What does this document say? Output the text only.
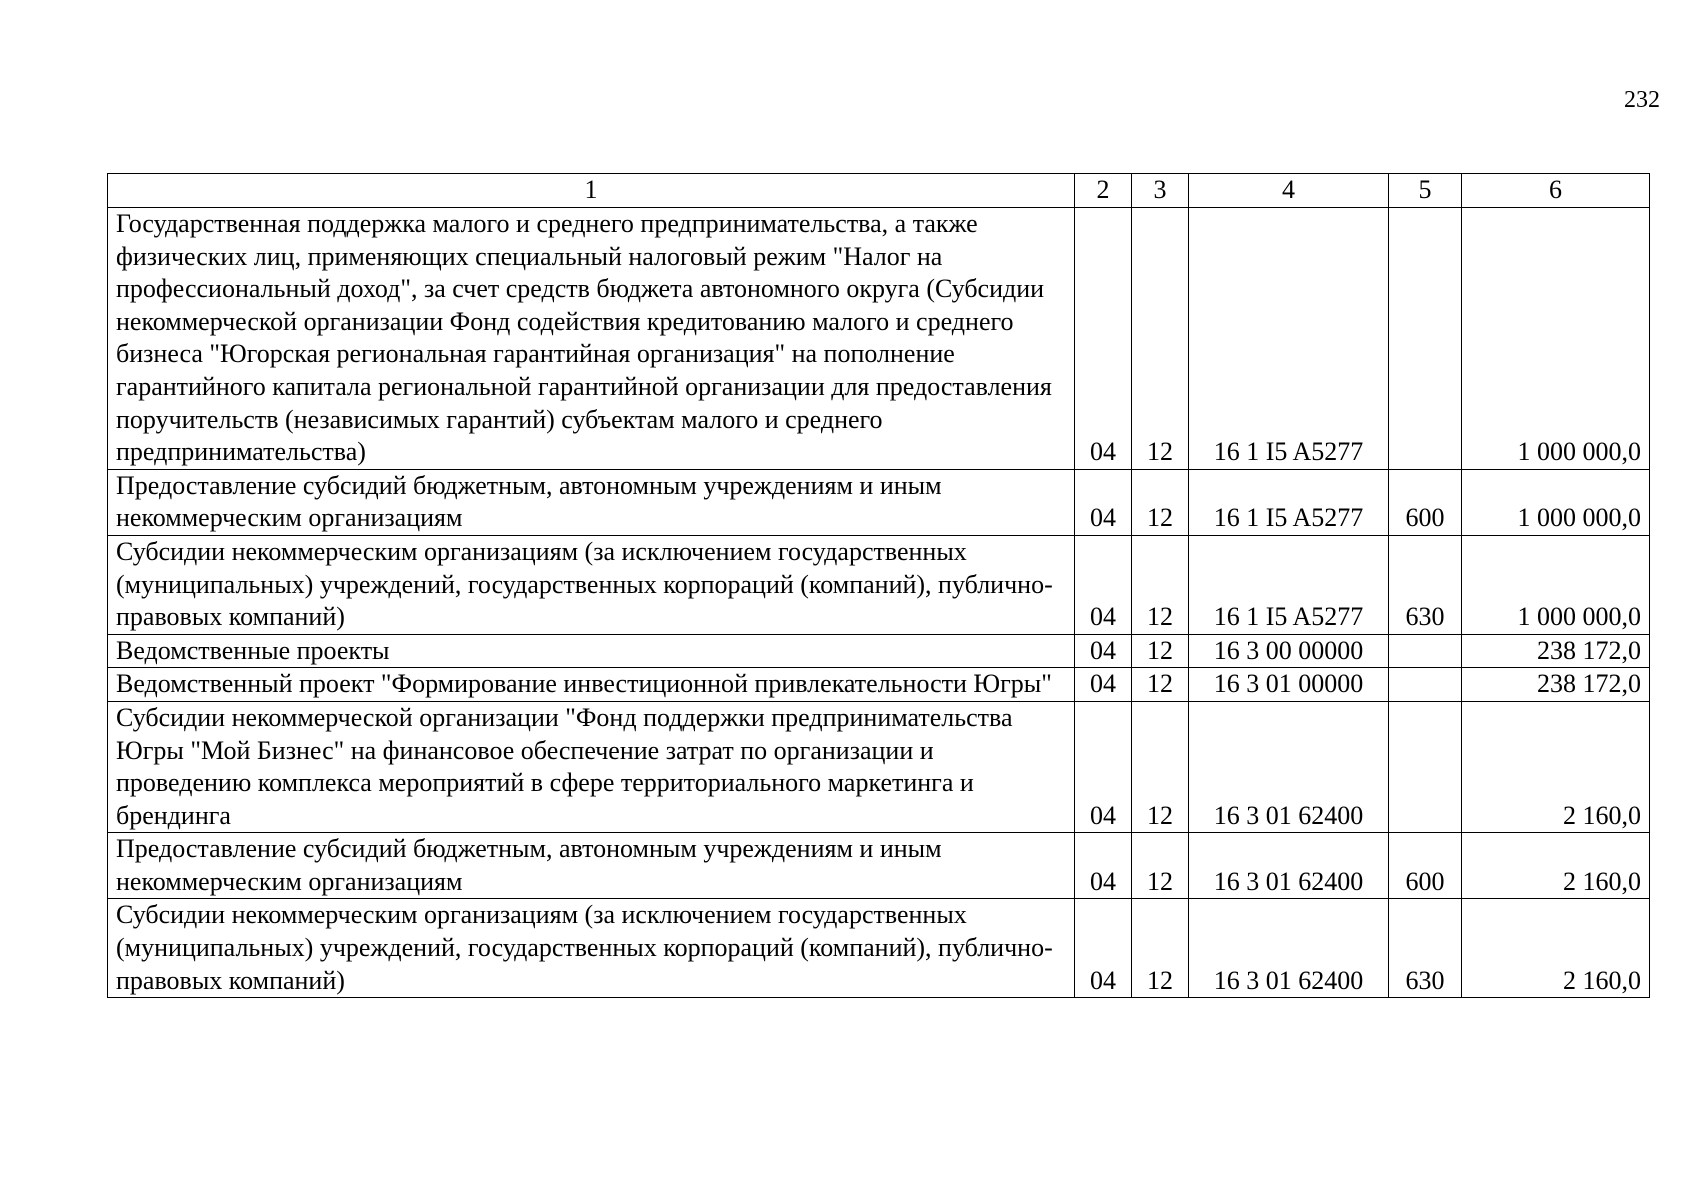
232
1	2	3	4	5	6
Государственная поддержка малого и среднего предпринимательства, а также физических лиц, применяющих специальный налоговый режим "Налог на профессиональный доход", за счет средств бюджета автономного округа (Субсидии некоммерческой организации Фонд содействия кредитованию малого и среднего бизнеса "Югорская региональная гарантийная организация" на пополнение гарантийного капитала региональной гарантийной организации для предоставления поручительств (независимых гарантий) субъектам малого и среднего предпринимательства)	04	12	16 1 I5 A5277		1 000 000,0
Предоставление субсидий бюджетным, автономным учреждениям и иным некоммерческим организациям	04	12	16 1 I5 A5277	600	1 000 000,0
Субсидии некоммерческим организациям (за исключением государственных (муниципальных) учреждений, государственных корпораций (компаний), публично-правовых компаний)	04	12	16 1 I5 A5277	630	1 000 000,0
Ведомственные проекты	04	12	16 3 00 00000		238 172,0
Ведомственный проект "Формирование инвестиционной привлекательности Югры"	04	12	16 3 01 00000		238 172,0
Субсидии некоммерческой организации "Фонд поддержки предпринимательства Югры "Мой Бизнес" на финансовое обеспечение затрат по организации и проведению комплекса мероприятий в сфере территориального маркетинга и брендинга	04	12	16 3 01 62400		2 160,0
Предоставление субсидий бюджетным, автономным учреждениям и иным некоммерческим организациям	04	12	16 3 01 62400	600	2 160,0
Субсидии некоммерческим организациям (за исключением государственных (муниципальных) учреждений, государственных корпораций (компаний), публично-правовых компаний)	04	12	16 3 01 62400	630	2 160,0
